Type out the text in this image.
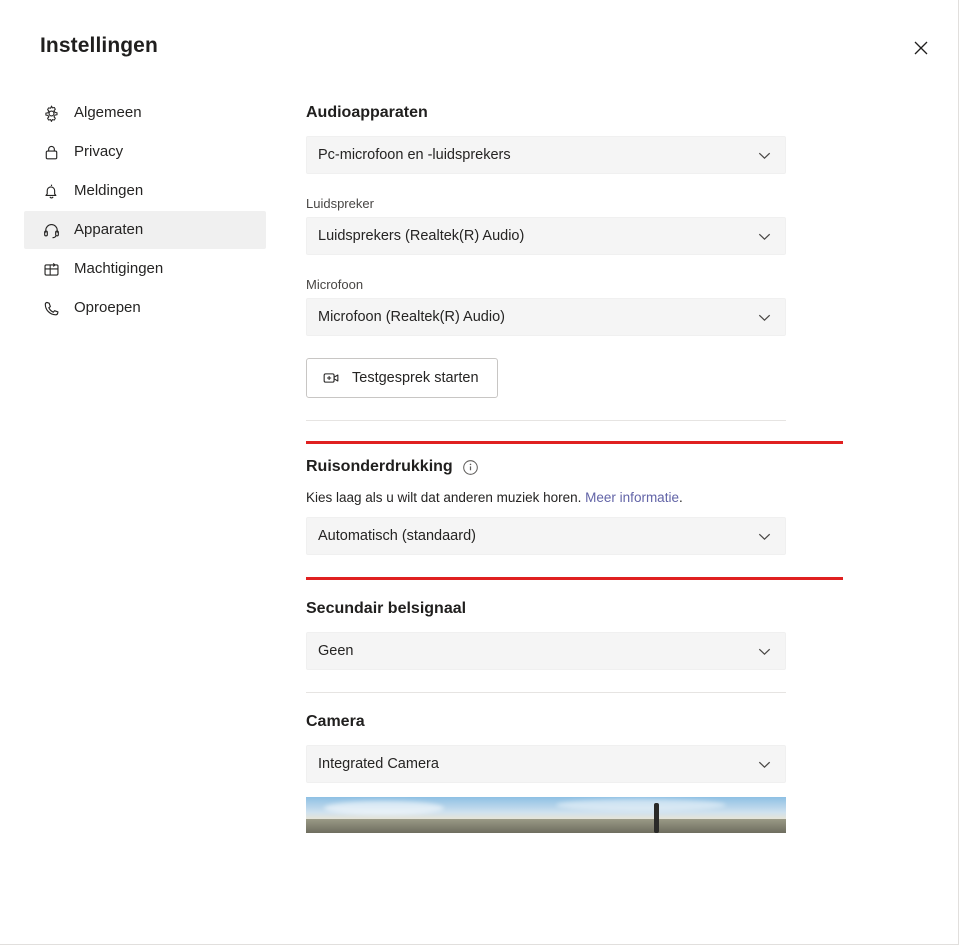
Instellingen
Algemeen
Privacy
Meldingen
Apparaten
Machtigingen
Oproepen
Audioapparaten
Pc-microfoon en -luidsprekers
Luidspreker
Luidsprekers (Realtek(R) Audio)
Microfoon
Microfoon (Realtek(R) Audio)
Testgesprek starten
Ruisonderdrukking
Kies laag als u wilt dat anderen muziek horen. Meer informatie.
Automatisch (standaard)
Secundair belsignaal
Geen
Camera
Integrated Camera
